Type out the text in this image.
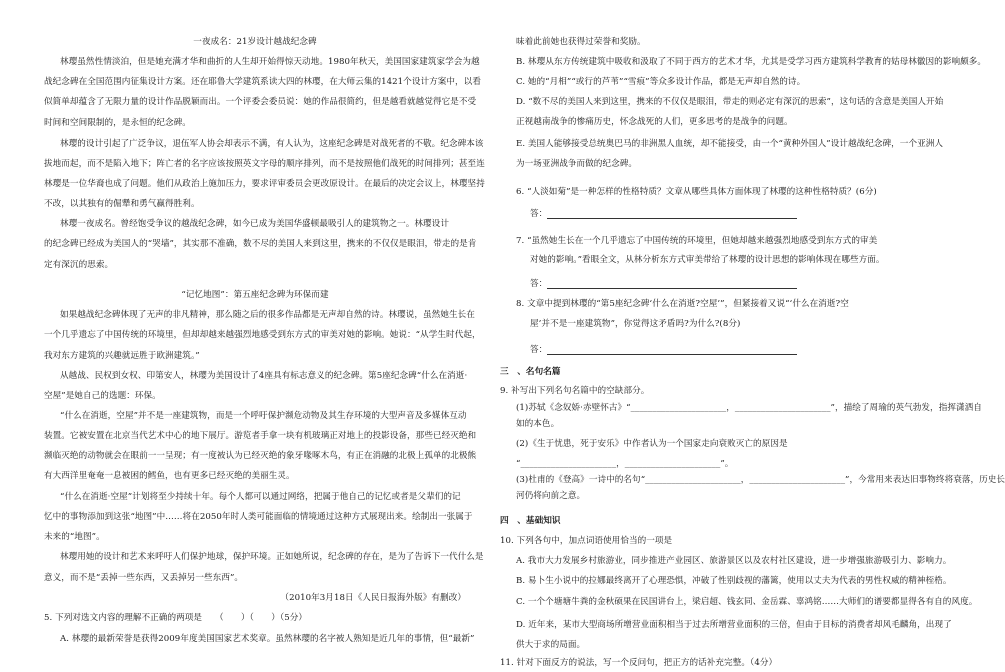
一夜成名：21岁设计越战纪念碑
林璎虽然性情淡泊，但是她充满才华和曲折的人生却开始得惊天动地。1980年秋天，美国国家建筑家学会为越
战纪念碑在全国范围内征集设计方案。还在耶鲁大学建筑系读大四的林璎，在大师云集的1421个设计方案中，以看
似简单却蕴含了无限力量的设计作品脱颖而出。一个评委会委员说：她的作品很简约，但是越看就越觉得它是不受
时间和空间限制的，是永恒的纪念碑。
林璎的设计引起了广泛争议，退伍军人协会却表示不满，有人认为，这座纪念碑是对战死者的不敬。纪念碑本该
拔地而起，而不是陷入地下；阵亡者的名字应该按照英文字母的顺序排列，而不是按照他们战死的时间排列；甚至连
林璎是一位华裔也成了问题。他们从政治上施加压力，要求评审委员会更改原设计。在最后的决定会议上，林璎坚持
不改，以其独有的倔犟和勇气赢得胜利。
林璎一夜成名。曾经饱受争议的越战纪念碑，如今已成为美国华盛顿最吸引人的建筑物之一。林璎设计
的纪念碑已经成为美国人的“哭墙”，其实那不准确，数不尽的美国人来到这里，携来的不仅仅是眼泪，带走的是肯
定有深沉的思索。
“记忆地图”：第五座纪念碑为环保而建
如果越战纪念碑体现了无声的非凡精神，那么随之后的很多作品都是无声却自然的诗。林璎说，虽然她生长在
一个几乎遗忘了中国传统的环境里，但却却越来越强烈地感受到东方式的审美对她的影响。她说：“从学生时代起，
我对东方建筑的兴趣就远胜于欧洲建筑。”
从越战、民权到女权、印第安人，林璎为美国设计了4座具有标志意义的纪念碑。第5座纪念碑“什么在消逝·
空屋”是她自己的选题：环保。
“什么在消逝，空屋”并不是一座建筑物，而是一个呼吁保护濒危动物及其生存环境的大型声音及多媒体互动
装置。它被安置在北京当代艺术中心的地下展厅。游览者手拿一块有机玻璃正对地上的投影设备，那些已经灭绝和
濒临灭绝的动物就会在眼前一一呈现；有一度被认为已经灭绝的象牙喙啄木鸟，有正在消融的北极上孤单的北极熊
有大西洋里奄奄一息被困的鳕鱼，也有更多已经灭绝的美丽生灵。
“什么在消逝·空屋”计划将至少持续十年。每个人都可以通过网络，把属于他自己的记忆或者是父辈们的记
忆中的事物添加到这张“地图”中……将在2050年时人类可能面临的情境通过这种方式展现出来。绘制出一张属于
未来的“地图”。
林璎用她的设计和艺术来呼吁人们保护地球，保护环境。正如她所说，纪念碑的存在，是为了告诉下一代什么是
意义，而不是“丢掉一些东西，又丢掉另一些东西”。
（2010年3月18日《人民日报海外版》有删改）
5. 下列对选文内容的理解不正确的两项是　　（　　）（　　）（5分）
A. 林璎的最新荣誉是获得2009年度美国国家艺术奖章。虽然林璎的名字被人熟知是近几年的事情，但“最新”
味着此前她也获得过荣誉和奖励。
B. 林璎从东方传统建筑中吸收和汲取了不同于西方的艺术才华，尤其是受学习西方建筑科学教育的姑母林徽因的影响颇多。
C. 她的“月相”“或行的芦苇”“雪痕”等众多设计作品，都是无声却自然的诗。
D. “数不尽的美国人来到这里，携来的不仅仅是眼泪，带走的则必定有深沉的思索”，这句话的含意是美国人开始
正视越南战争的惨痛历史，怀念战死的人们，更多思考的是战争的问题。
E. 美国人能够接受总统奥巴马的非洲黑人血统，却不能接受，由一个“黄种外国人”设计越战纪念碑，一个亚洲人
为一场亚洲战争而做的纪念碑。
6. “人淡如菊”是一种怎样的性格特质？文章从哪些具体方面体现了林璎的这种性格特质？(6分)
答：
7. “虽然她生长在一个几乎遗忘了中国传统的环境里，但她却越来越强烈地感受到东方式的审美
对她的影响。”看眼全文，从林分析东方式审美带给了林璎的设计思想的影响体现在哪些方面。
答：
8. 文章中提到林璎的“第5座纪念碑‘什么在消逝?空屋’”，但紧接着又说“‘什么在消逝?空
屋’并不是一座建筑物”，你觉得这矛盾吗?为什么?(8分)
答：
三　、名句名篇
9. 补写出下列名句名篇中的空缺部分。
(1)苏轼《念奴娇·赤壁怀古》“______________________，______________________”，描绘了周瑜的英气勃发，指挥潇洒自
如的本色。
(2)《生于忧患，死于安乐》中作者认为一个国家走向衰败灭亡的原因是
“______________________，______________________”。
(3)杜甫的《登高》一诗中的名句“______________________，______________________”，今常用来表达旧事物终将衰落，历史长
河仍将向前之意。
四　、基础知识
10. 下列各句中，加点词语使用恰当的一项是
A. 我市大力发展乡村旅游业，同步推进产业园区、旅游景区以及农村社区建设，进一步增强旅游吸引力、影响力。
B. 易卜生小说中的拉娜最终离开了心理恐惧，冲破了性别歧视的藩篱，使用以丈夫为代表的男性权威的精神桎梏。
C. 一个个塘塘牛粪的金秋硕果在民国讲台上，梁启超、钱玄同、金岳霖、辜鸿铭……大师们的谱要都显得各有自的风度。
D. 近年来，某市大型商场所增营业面积相当于过去所增营业面积的三倍，但由于目标的消费者却风毛麟角，出现了
供大于求的局面。
11. 针对下面反方的说法，写一个反问句，把正方的话补充完整。（4分）
